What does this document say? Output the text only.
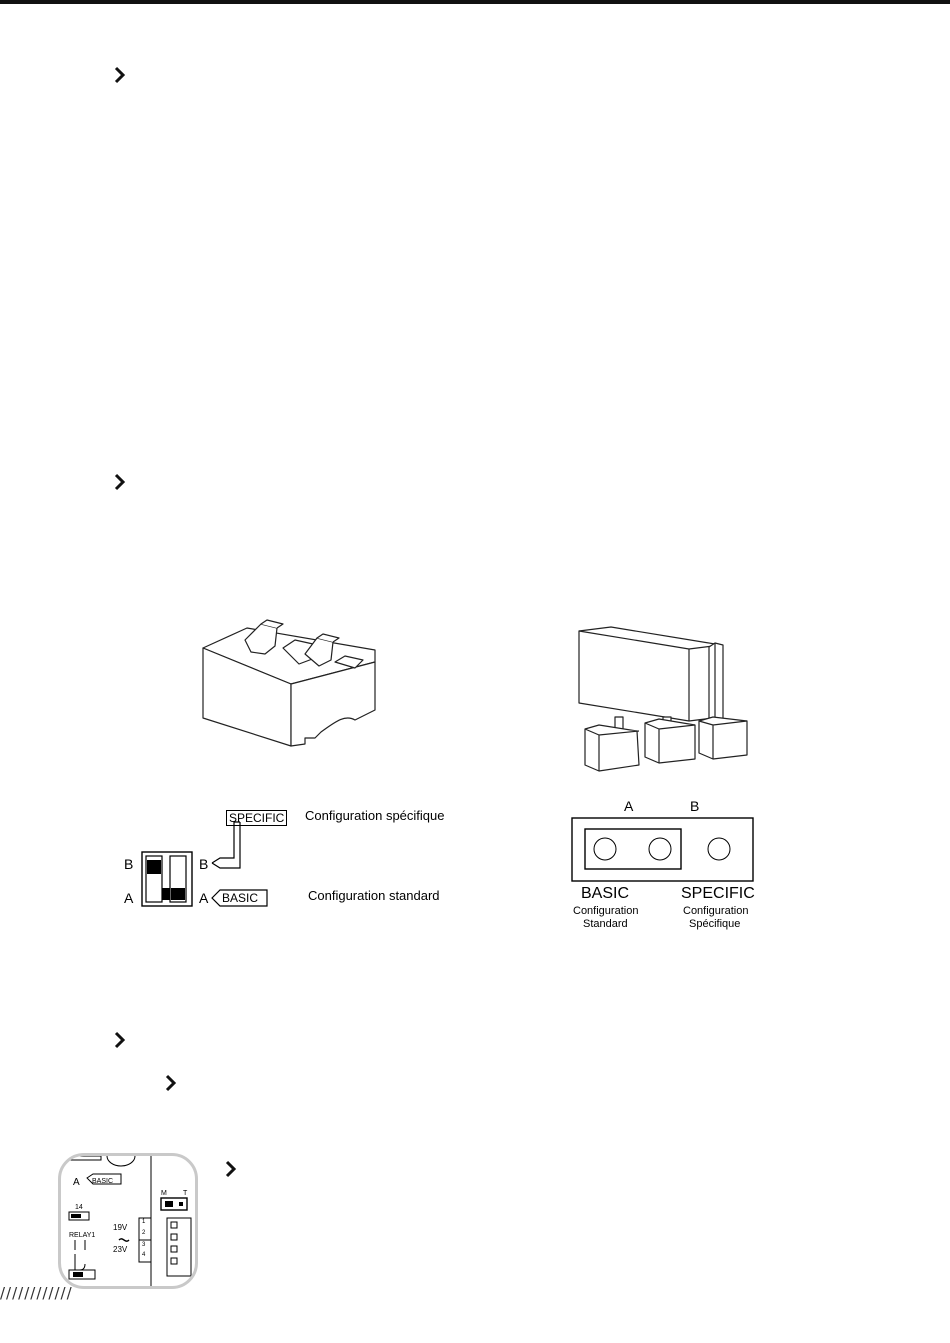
SPECIFIC
B
A
B
A BASIC
Configuration spécifique
Configuration standard
A	B
BASIC
Configuration
Standard
SPECIFIC
Configuration
Spécifique
A BASIC
14
RELAY1
19V
23V
1
2
3
4
M T
////////////
